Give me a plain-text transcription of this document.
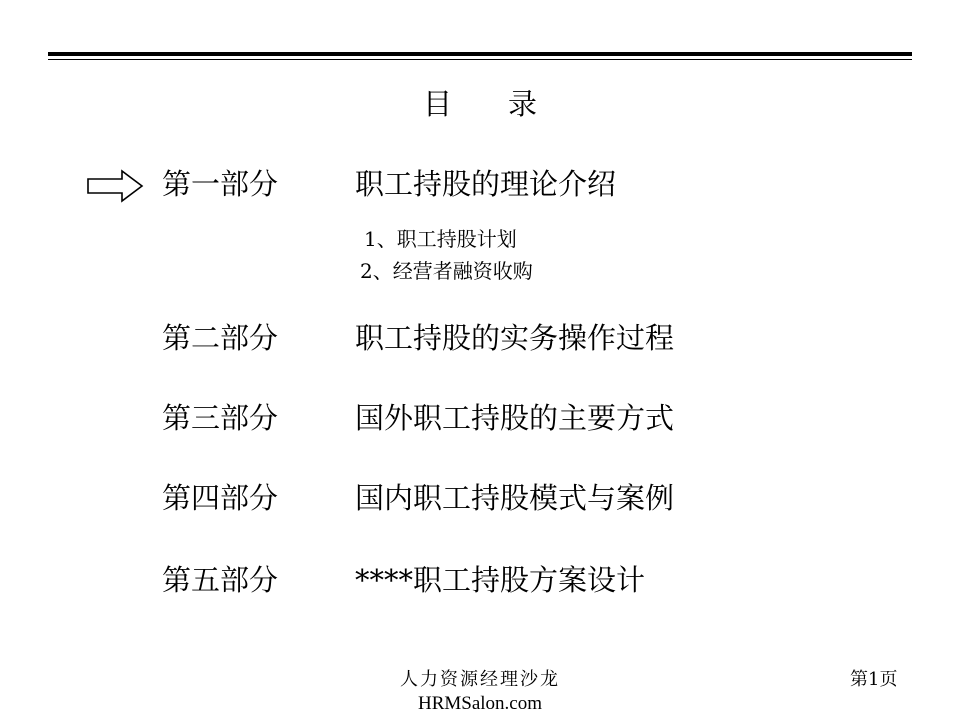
目 录
第一部分	职工持股的理论介绍
1、职工持股计划
2、经营者融资收购
第二部分	职工持股的实务操作过程
第三部分	国外职工持股的主要方式
第四部分	国内职工持股模式与案例
第五部分	****职工持股方案设计
人力资源经理沙龙
HRMSalon.com
第1页
